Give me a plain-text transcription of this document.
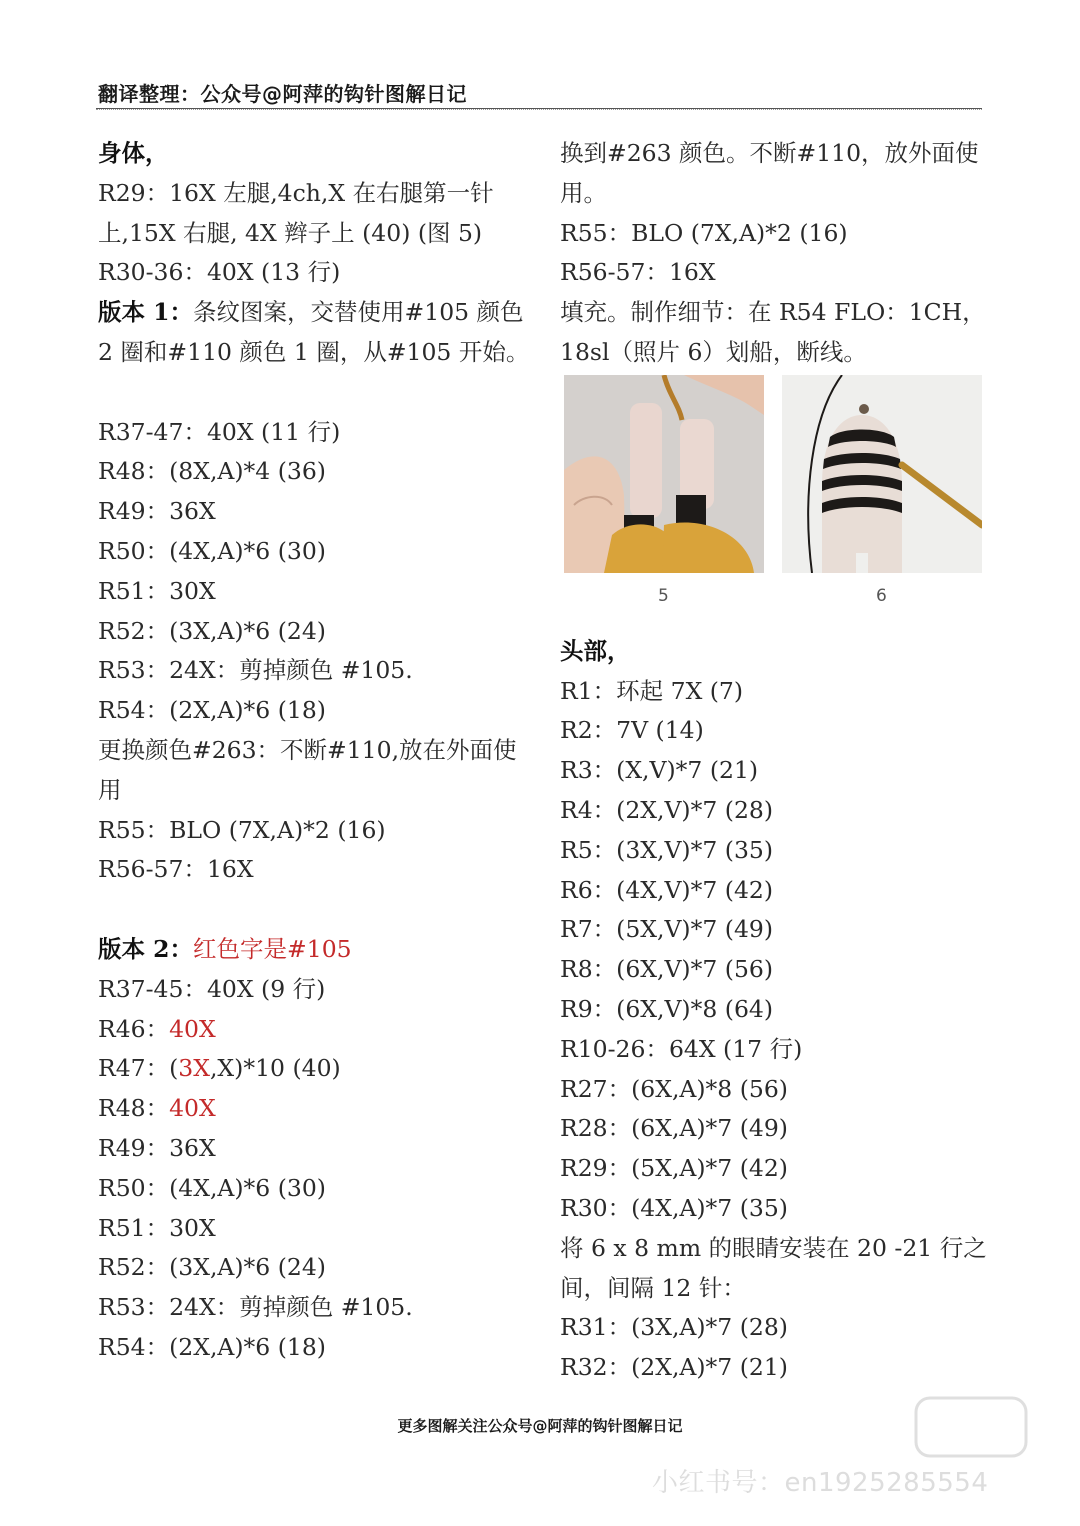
翻译整理：公众号@阿萍的钩针图解日记
身体，
R29：16X 左腿,4ch,X 在右腿第一针上,15X 右腿, 4X 辫子上 (40) (图 5)
R30-36：40X (13 行)
版本 1：条纹图案，交替使用#105 颜色 2 圈和#110 颜色 1 圈，从#105 开始。
R37-47：40X (11 行)
R48：(8X,A)*4 (36)
R49：36X
R50：(4X,A)*6 (30)
R51：30X
R52：(3X,A)*6 (24)
R53：24X：剪掉颜色 #105.
R54：(2X,A)*6 (18)
更换颜色#263：不断#110,放在外面使用
R55：BLO (7X,A)*2 (16)
R56-57：16X
版本 2：红色字是#105
R37-45：40X (9 行)
R46：40X
R47：(3X,X)*10 (40)
R48：40X
R49：36X
R50：(4X,A)*6 (30)
R51：30X
R52：(3X,A)*6 (24)
R53：24X：剪掉颜色 #105.
R54：(2X,A)*6 (18)
换到#263 颜色。不断#110，放外面使用。
R55：BLO (7X,A)*2 (16)
R56-57：16X
填充。制作细节：在 R54 FLO：1CH，18sl（照片 6）划船，断线。
5	6
头部，
R1：环起 7X (7)
R2：7V (14)
R3：(X,V)*7 (21)
R4：(2X,V)*7 (28)
R5：(3X,V)*7 (35)
R6：(4X,V)*7 (42)
R7：(5X,V)*7 (49)
R8：(6X,V)*7 (56)
R9：(6X,V)*8 (64)
R10-26：64X (17 行)
R27：(6X,A)*8 (56)
R28：(6X,A)*7 (49)
R29：(5X,A)*7 (42)
R30：(4X,A)*7 (35)
将 6 x 8 mm 的眼睛安装在 20 -21 行之间，间隔 12 针：
R31：(3X,A)*7 (28)
R32：(2X,A)*7 (21)
更多图解关注公众号@阿萍的钩针图解日记
小红书号：en1925285554
